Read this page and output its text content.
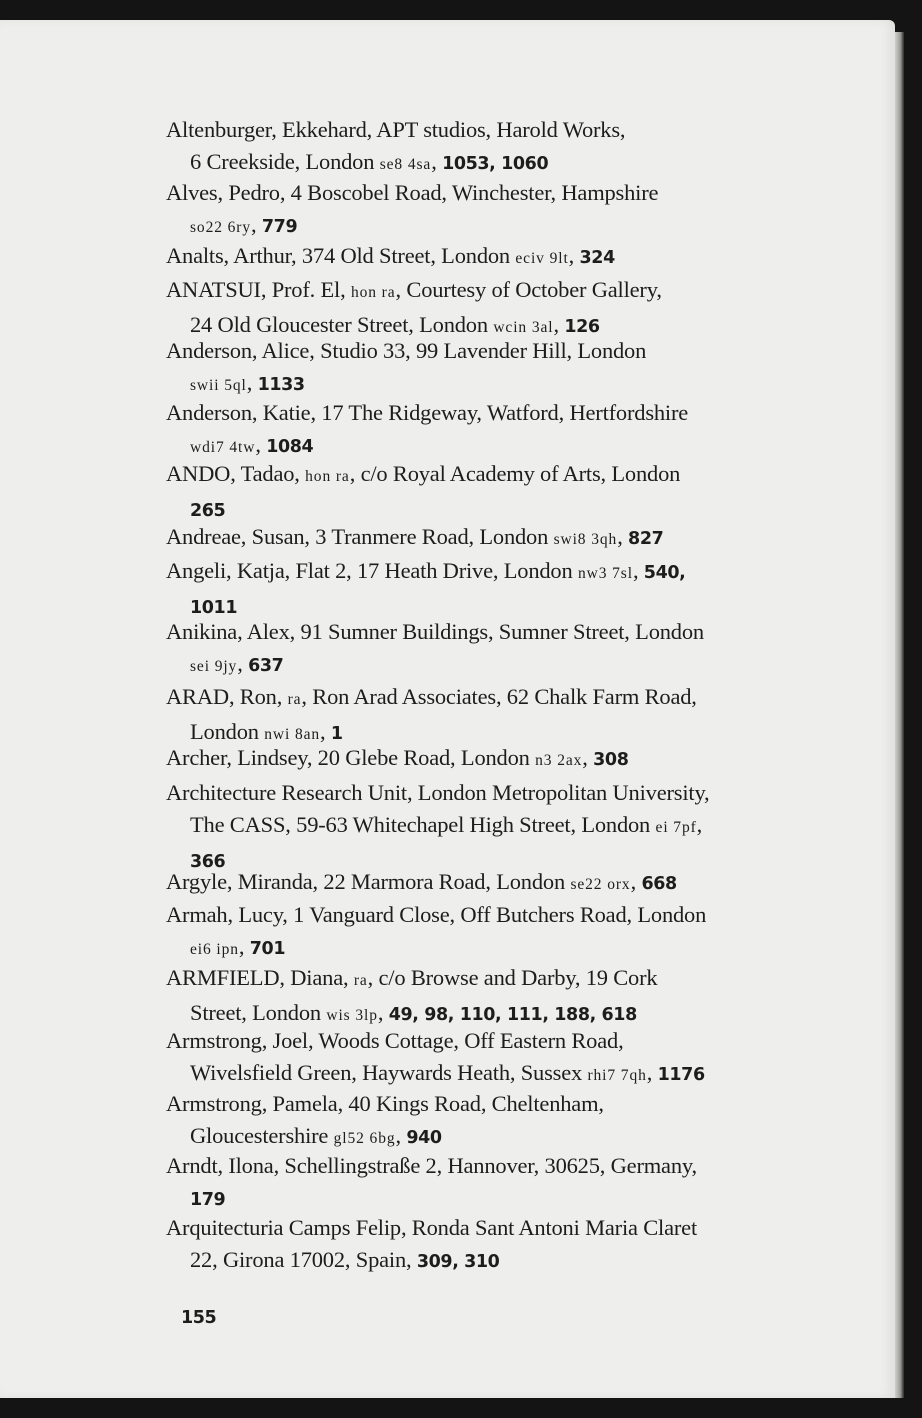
Altenburger, Ekkehard, APT studios, Harold Works,
6 Creekside, London se8 4sa, 1053, 1060
Alves, Pedro, 4 Boscobel Road, Winchester, Hampshire
so22 6ry, 779
Analts, Arthur, 374 Old Street, London eciv 9lt, 324
ANATSUI, Prof. El, hon ra, Courtesy of October Gallery,
24 Old Gloucester Street, London wcin 3al, 126
Anderson, Alice, Studio 33, 99 Lavender Hill, London
swii 5ql, 1133
Anderson, Katie, 17 The Ridgeway, Watford, Hertfordshire
wdi7 4tw, 1084
ANDO, Tadao, hon ra, c/o Royal Academy of Arts, London
265
Andreae, Susan, 3 Tranmere Road, London swi8 3qh, 827
Angeli, Katja, Flat 2, 17 Heath Drive, London nw3 7sl, 540,
1011
Anikina, Alex, 91 Sumner Buildings, Sumner Street, London
sei 9jy, 637
ARAD, Ron, ra, Ron Arad Associates, 62 Chalk Farm Road,
London nwi 8an, 1
Archer, Lindsey, 20 Glebe Road, London n3 2ax, 308
Architecture Research Unit, London Metropolitan University,
The CASS, 59-63 Whitechapel High Street, London ei 7pf,
366
Argyle, Miranda, 22 Marmora Road, London se22 orx, 668
Armah, Lucy, 1 Vanguard Close, Off Butchers Road, London
ei6 ipn, 701
ARMFIELD, Diana, ra, c/o Browse and Darby, 19 Cork
Street, London wis 3lp, 49, 98, 110, 111, 188, 618
Armstrong, Joel, Woods Cottage, Off Eastern Road,
Wivelsfield Green, Haywards Heath, Sussex rhi7 7qh, 1176
Armstrong, Pamela, 40 Kings Road, Cheltenham,
Gloucestershire gl52 6bg, 940
Arndt, Ilona, Schellingstraße 2, Hannover, 30625, Germany,
179
Arquitecturia Camps Felip, Ronda Sant Antoni Maria Claret
22, Girona 17002, Spain, 309, 310
155
